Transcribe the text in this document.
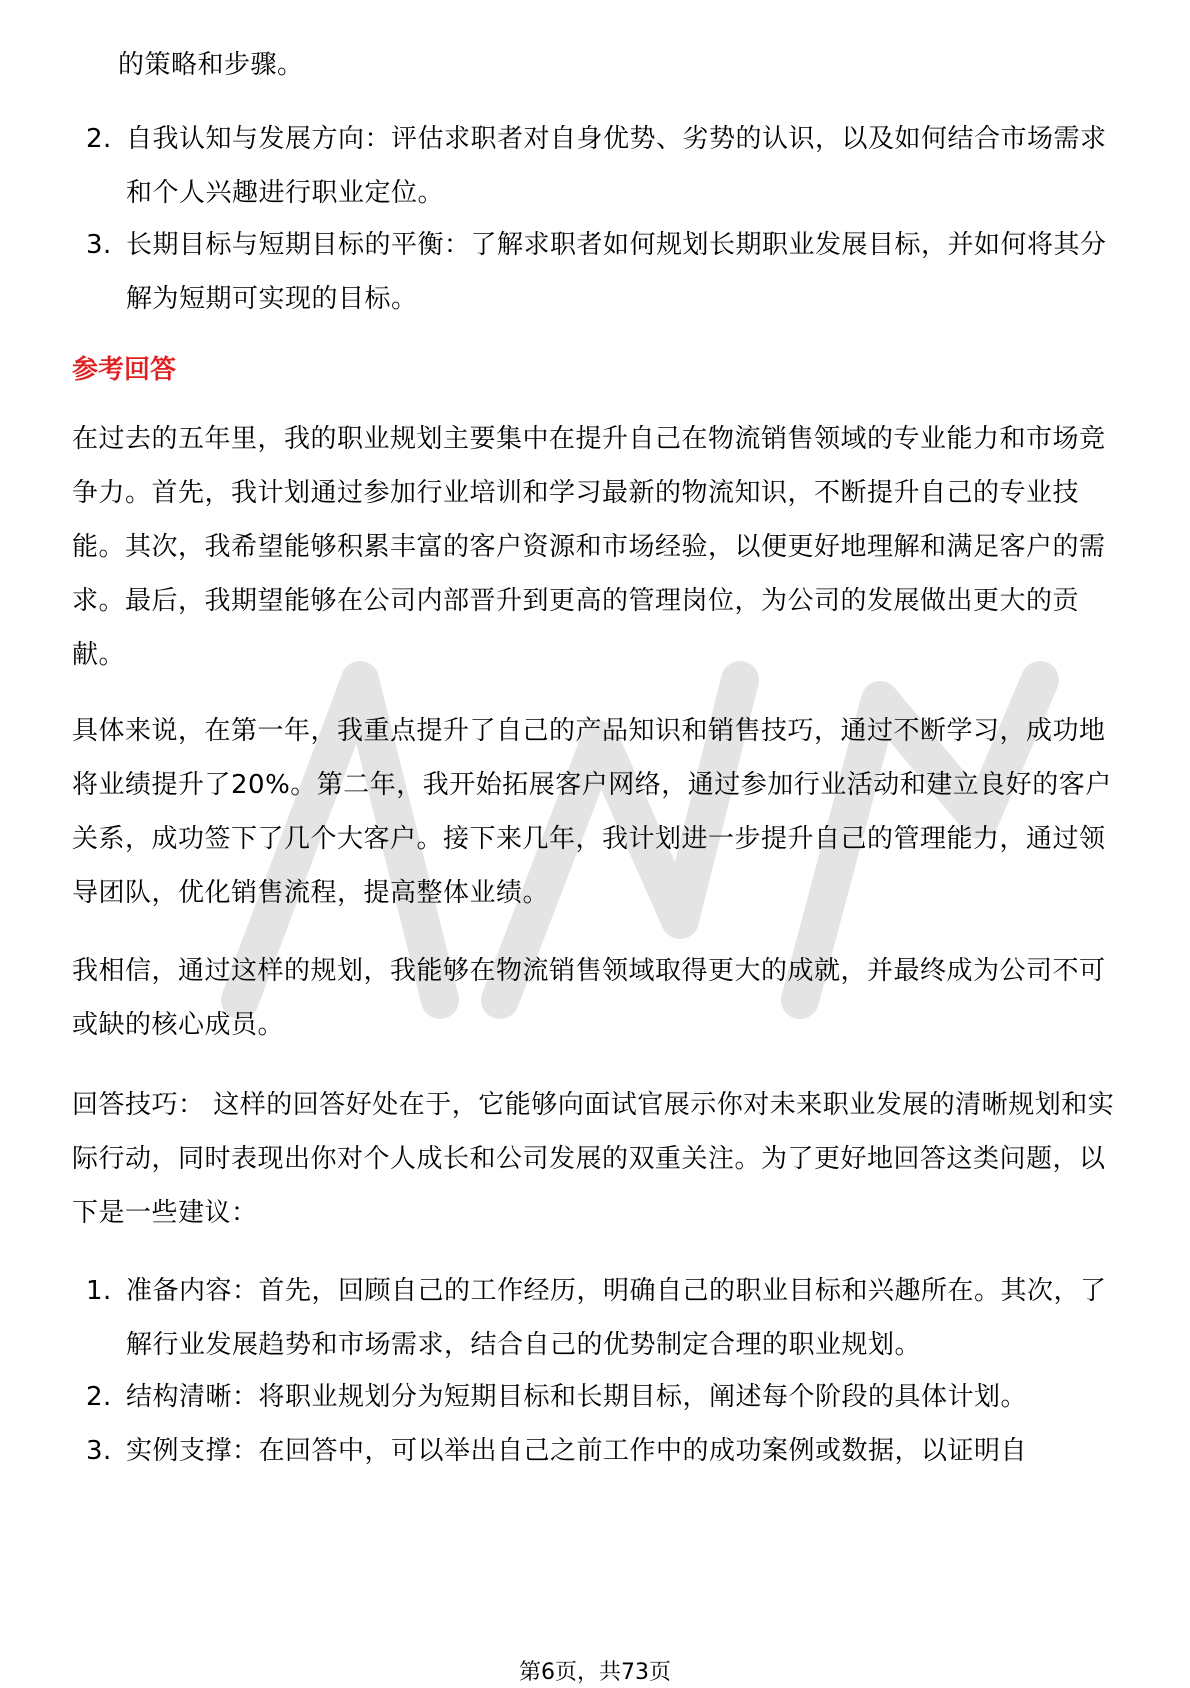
的策略和步骤。

2. 自我认知与发展方向：评估求职者对自身优势、劣势的认识，以及如何结合市场需求和个人兴趣进行职业定位。
3. 长期目标与短期目标的平衡：了解求职者如何规划长期职业发展目标，并如何将其分解为短期可实现的目标。
参考回答

在过去的五年里，我的职业规划主要集中在提升自己在物流销售领域的专业能力和市场竞争力。首先，我计划通过参加行业培训和学习最新的物流知识，不断提升自己的专业技能。其次，我希望能够积累丰富的客户资源和市场经验，以便更好地理解和满足客户的需求。最后，我期望能够在公司内部晋升到更高的管理岗位，为公司的发展做出更大的贡献。

具体来说，在第一年，我重点提升了自己的产品知识和销售技巧，通过不断学习，成功地将业绩提升了20%。第二年，我开始拓展客户网络，通过参加行业活动和建立良好的客户关系，成功签下了几个大客户。接下来几年，我计划进一步提升自己的管理能力，通过领导团队，优化销售流程，提高整体业绩。

我相信，通过这样的规划，我能够在物流销售领域取得更大的成就，并最终成为公司不可或缺的核心成员。

回答技巧： 这样的回答好处在于，它能够向面试官展示你对未来职业发展的清晰规划和实际行动，同时表现出你对个人成长和公司发展的双重关注。为了更好地回答这类问题，以下是一些建议：

1. 准备内容：首先，回顾自己的工作经历，明确自己的职业目标和兴趣所在。其次，了解行业发展趋势和市场需求，结合自己的优势制定合理的职业规划。
2. 结构清晰：将职业规划分为短期目标和长期目标，阐述每个阶段的具体计划。
3. 实例支撑：在回答中，可以举出自己之前工作中的成功案例或数据，以证明自
第6页，共73页
